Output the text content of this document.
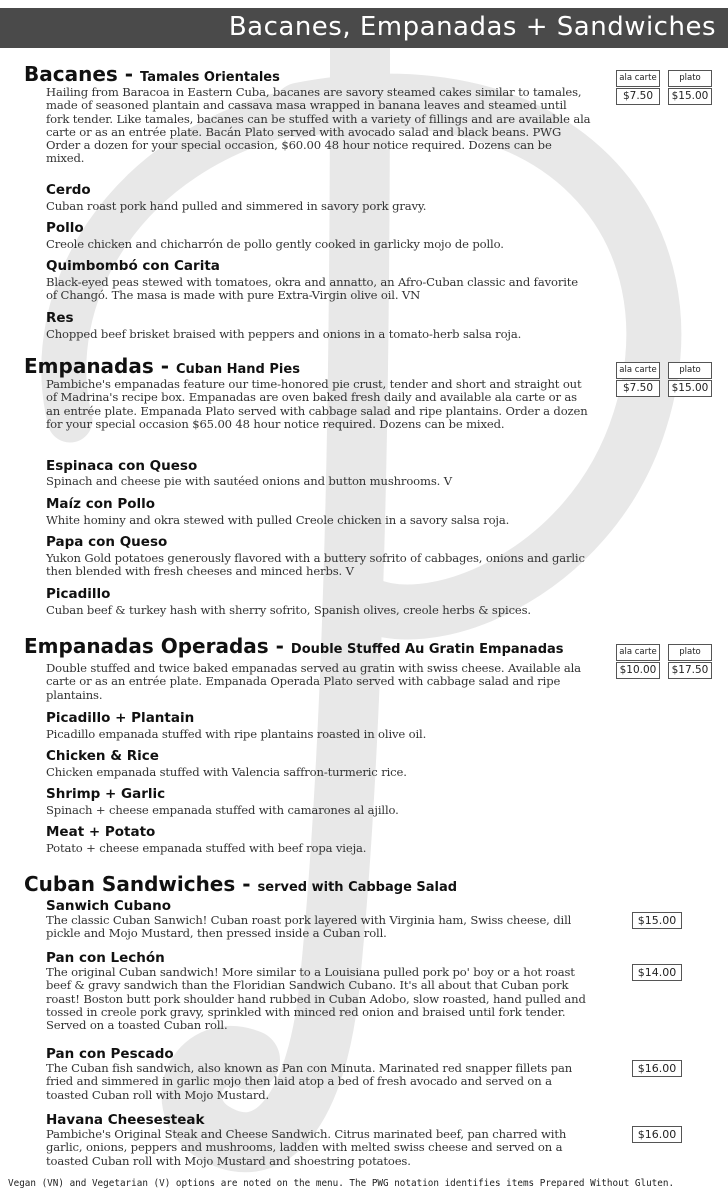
Bacanes, Empanadas + Sandwiches
Bacanes - Tamales Orientales	ala carte	plato
$7.50	$15.00

Hailing from Baracoa in Eastern Cuba, bacanes are savory steamed cakes similar to tamales, made of seasoned plantain and cassava masa wrapped in banana leaves and steamed until fork tender. Like tamales, bacanes can be stuffed with a variety of fillings and are available ala carte or as an entrée plate. Bacán Plato served with avocado salad and black beans. PWG Order a dozen for your special occasion, $60.00 48 hour notice required. Dozens can be mixed.

Cerdo

Cuban roast pork hand pulled and simmered in savory pork gravy.

Pollo

Creole chicken and chicharrón de pollo gently cooked in garlicky mojo de pollo.

Quimbombó con Carita

Black-eyed peas stewed with tomatoes, okra and annatto, an Afro-Cuban classic and favorite of Changó. The masa is made with pure Extra-Virgin olive oil. VN

Res

Chopped beef brisket braised with peppers and onions in a tomato-herb salsa roja.

Empanadas - Cuban Hand Pies	ala carte	plato
$7.50	$15.00

Pambiche's empanadas feature our time-honored pie crust, tender and short and straight out of Madrina's recipe box. Empanadas are oven baked fresh daily and available ala carte or as an entrée plate. Empanada Plato served with cabbage salad and ripe plantains. Order a dozen for your special occasion $65.00 48 hour notice required. Dozens can be mixed.

Espinaca con Queso

Spinach and cheese pie with sautéed onions and button mushrooms. V

Maíz con Pollo

White hominy and okra stewed with pulled Creole chicken in a savory salsa roja.

Papa con Queso

Yukon Gold potatoes generously flavored with a buttery sofrito of cabbages, onions and garlic then blended with fresh cheeses and minced herbs. V

Picadillo

Cuban beef & turkey hash with sherry sofrito, Spanish olives, creole herbs & spices.

Empanadas Operadas - Double Stuffed Au Gratin Empanadas	ala carte	plato
$10.00	$17.50

Double stuffed and twice baked empanadas served au gratin with swiss cheese. Available ala carte or as an entrée plate. Empanada Operada Plato served with cabbage salad and ripe plantains.

Picadillo + Plantain

Picadillo empanada stuffed with ripe plantains roasted in olive oil.

Chicken & Rice

Chicken empanada stuffed with Valencia saffron-turmeric rice.

Shrimp + Garlic

Spinach + cheese empanada stuffed with camarones al ajillo.

Meat + Potato

Potato + cheese empanada stuffed with beef ropa vieja.

Cuban Sandwiches - served with Cabbage Salad

Sanwich Cubano

$15.00

The classic Cuban Sanwich! Cuban roast pork layered with Virginia ham, Swiss cheese, dill pickle and Mojo Mustard, then pressed inside a Cuban roll.

Pan con Lechón

$14.00

The original Cuban sandwich! More similar to a Louisiana pulled pork po' boy or a hot roast beef & gravy sandwich than the Floridian Sandwich Cubano. It's all about that Cuban pork roast! Boston butt pork shoulder hand rubbed in Cuban Adobo, slow roasted, hand pulled and tossed in creole pork gravy, sprinkled with minced red onion and braised until fork tender. Served on a toasted Cuban roll.

Pan con Pescado

$16.00

The Cuban fish sandwich, also known as Pan con Minuta. Marinated red snapper fillets pan fried and simmered in garlic mojo then laid atop a bed of fresh avocado and served on a toasted Cuban roll with Mojo Mustard.

Havana Cheesesteak

$16.00

Pambiche's Original Steak and Cheese Sandwich. Citrus marinated beef, pan charred with garlic, onions, peppers and mushrooms, ladden with melted swiss cheese and served on a toasted Cuban roll with Mojo Mustard and shoestring potatoes.

Vegan (VN) and Vegetarian (V) options are noted on the menu. The PWG notation identifies items Prepared Without Gluten.
